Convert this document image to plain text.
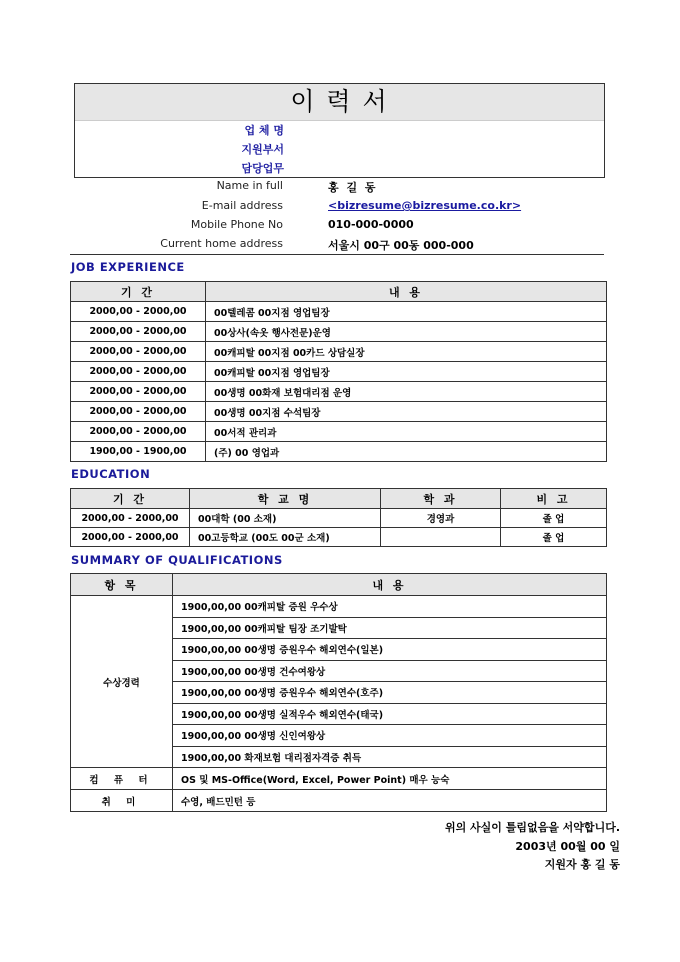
이 력 서
업 체 명
지원부서
담당업무
Name in full	홍 길 동
E-mail address	<bizresume@bizresume.co.kr>
Mobile Phone No	010-000-0000
Current home address	서울시 00구 00동 000-000
JOB EXPERIENCE
기 간	내 용
2000,00 - 2000,00	00텔레콤 00지점 영업팀장
2000,00 - 2000,00	00상사(속옷 행사전문)운영
2000,00 - 2000,00	00캐피탈 00지점 00카드 상담실장
2000,00 - 2000,00	00캐피탈 00지점 영업팀장
2000,00 - 2000,00	00생명 00화재 보험대리점 운영
2000,00 - 2000,00	00생명 00지점 수석팀장
2000,00 - 2000,00	00서적 관리과
1900,00 - 1900,00	(주) 00 영업과
EDUCATION
기 간	학 교 명	학 과	비 고
2000,00 - 2000,00	00대학 (00 소재)	경영과	졸 업
2000,00 - 2000,00	00고등학교 (00도 00군 소재)		졸 업
SUMMARY OF QUALIFICATIONS
항 목	내 용
수상경력	1900,00,00 00캐피탈 증원 우수상
	1900,00,00 00캐피탈 팀장 조기발탁
	1900,00,00 00생명 증원우수 해외연수(일본)
	1900,00,00 00생명 건수여왕상
	1900,00,00 00생명 증원우수 해외연수(호주)
	1900,00,00 00생명 실적우수 해외연수(태국)
	1900,00,00 00생명 신인여왕상
	1900,00,00 화재보험 대리점자격증 취득
컴 퓨 터	OS 및 MS-Office(Word, Excel, Power Point) 매우 능숙
취 미	수영, 배드민턴 등
위의 사실이 틀림없음을 서약합니다.
2003년 00월 00 일
지원자 홍 길 동
